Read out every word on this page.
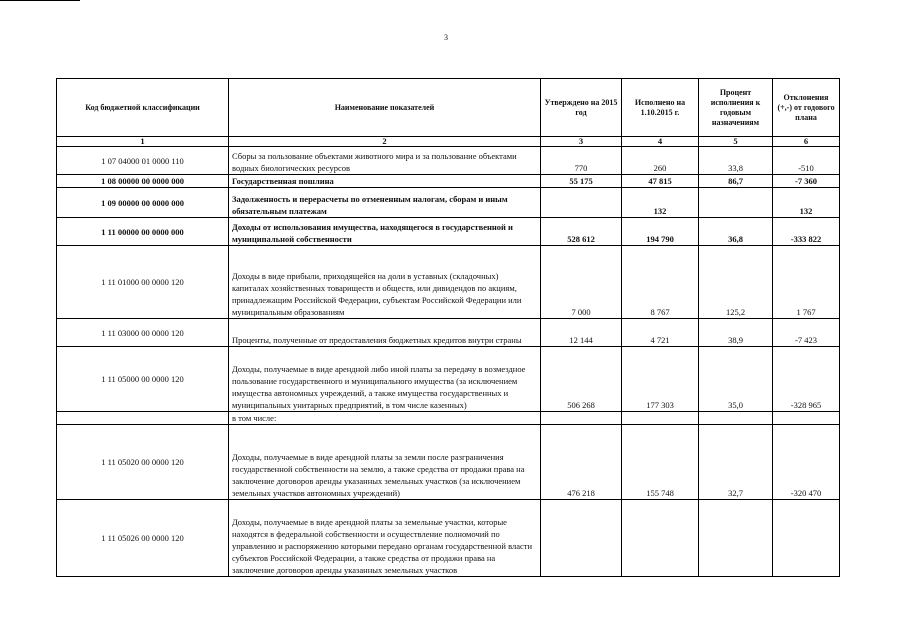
3
Код бюджетной классификации	Наименование показателей	Утверждено на 2015 год	Исполнено на 1.10.2015 г.	Процент исполнения к годовым назначениям	Отклонения (+,-) от годового плана
1	2	3	4	5	6
1 07 04000 01 0000 110	Сборы за пользование объектами животного мира и за пользование объектами водных биологических ресурсов	770	260	33,8	-510
1 08 00000 00 0000 000	Государственная пошлина	55 175	47 815	86,7	-7 360
1 09 00000 00 0000 000	Задолженность и перерасчеты по отмененным налогам, сборам и иным обязательным платежам		132		132
1 11 00000 00 0000 000	Доходы от использования имущества, находящегося в государственной и муниципальной собственности	528 612	194 790	36,8	-333 822
1 11 01000 00 0000 120	Доходы в виде прибыли, приходящейся на доли в уставных (складочных) капиталах хозяйственных товариществ и обществ, или дивидендов по акциям, принадлежащим Российской Федерации, субъектам Российской Федерации или муниципальным образованиям	7 000	8 767	125,2	1 767
1 11 03000 00 0000 120	Проценты, полученные от предоставления бюджетных кредитов внутри страны	12 144	4 721	38,9	-7 423
1 11 05000 00 0000 120	Доходы, получаемые в виде арендной либо иной платы за передачу в возмездное пользование государственного и муниципального имущества (за исключением имущества автономных учреждений, а также имущества государственных и муниципальных унитарных предприятий, в том числе казенных)	506 268	177 303	35,0	-328 965
	в том числе:				
1 11 05020 00 0000 120	Доходы, получаемые в виде арендной платы за земли после разграничения государственной собственности на землю, а также средства от продажи права на заключение договоров аренды указанных земельных участков (за исключением земельных участков автономных учреждений)	476 218	155 748	32,7	-320 470
1 11 05026 00 0000 120	Доходы, получаемые в виде арендной платы за земельные участки, которые находятся в федеральной собственности и осуществление полномочий по управлению и распоряжению которыми передано органам государственной власти субъектов Российской Федерации, а также средства от продажи права на заключение договоров аренды указанных земельных участков				
